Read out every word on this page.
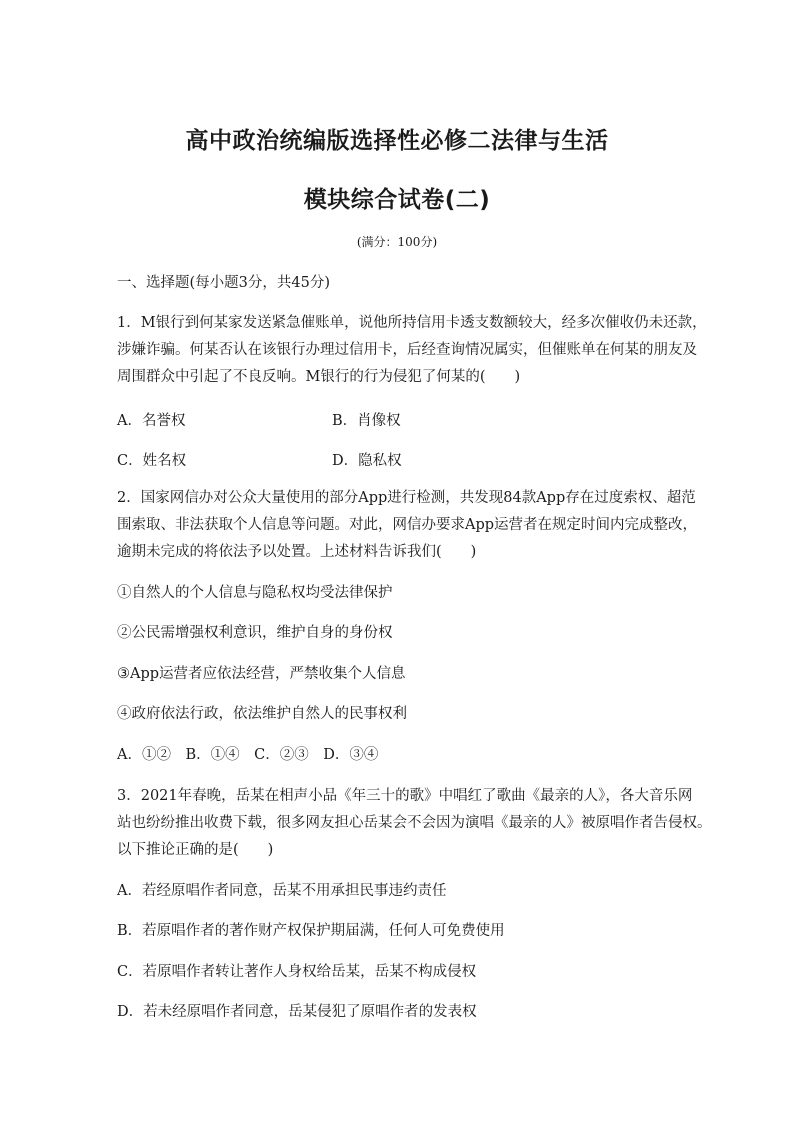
高中政治统编版选择性必修二法律与生活
模块综合试卷(二)
(满分：100分)
一、选择题(每小题3分，共45分)
1．M银行到何某家发送紧急催账单，说他所持信用卡透支数额较大，经多次催收仍未还款，
涉嫌诈骗。何某否认在该银行办理过信用卡，后经查询情况属实，但催账单在何某的朋友及
周围群众中引起了不良反响。M银行的行为侵犯了何某的(　　)
A．名誉权	B．肖像权
C．姓名权	D．隐私权
2．国家网信办对公众大量使用的部分App进行检测，共发现84款App存在过度索权、超范
围索取、非法获取个人信息等问题。对此，网信办要求App运营者在规定时间内完成整改，
逾期未完成的将依法予以处置。上述材料告诉我们(　　)
①自然人的个人信息与隐私权均受法律保护
②公民需增强权利意识，维护自身的身份权
③App运营者应依法经营，严禁收集个人信息
④政府依法行政，依法维护自然人的民事权利
A．①②　B．①④　C．②③　D．③④
3．2021年春晚，岳某在相声小品《年三十的歌》中唱红了歌曲《最亲的人》，各大音乐网
站也纷纷推出收费下载，很多网友担心岳某会不会因为演唱《最亲的人》被原唱作者告侵权。
以下推论正确的是(　　)
A．若经原唱作者同意，岳某不用承担民事违约责任
B．若原唱作者的著作财产权保护期届满，任何人可免费使用
C．若原唱作者转让著作人身权给岳某，岳某不构成侵权
D．若未经原唱作者同意，岳某侵犯了原唱作者的发表权
